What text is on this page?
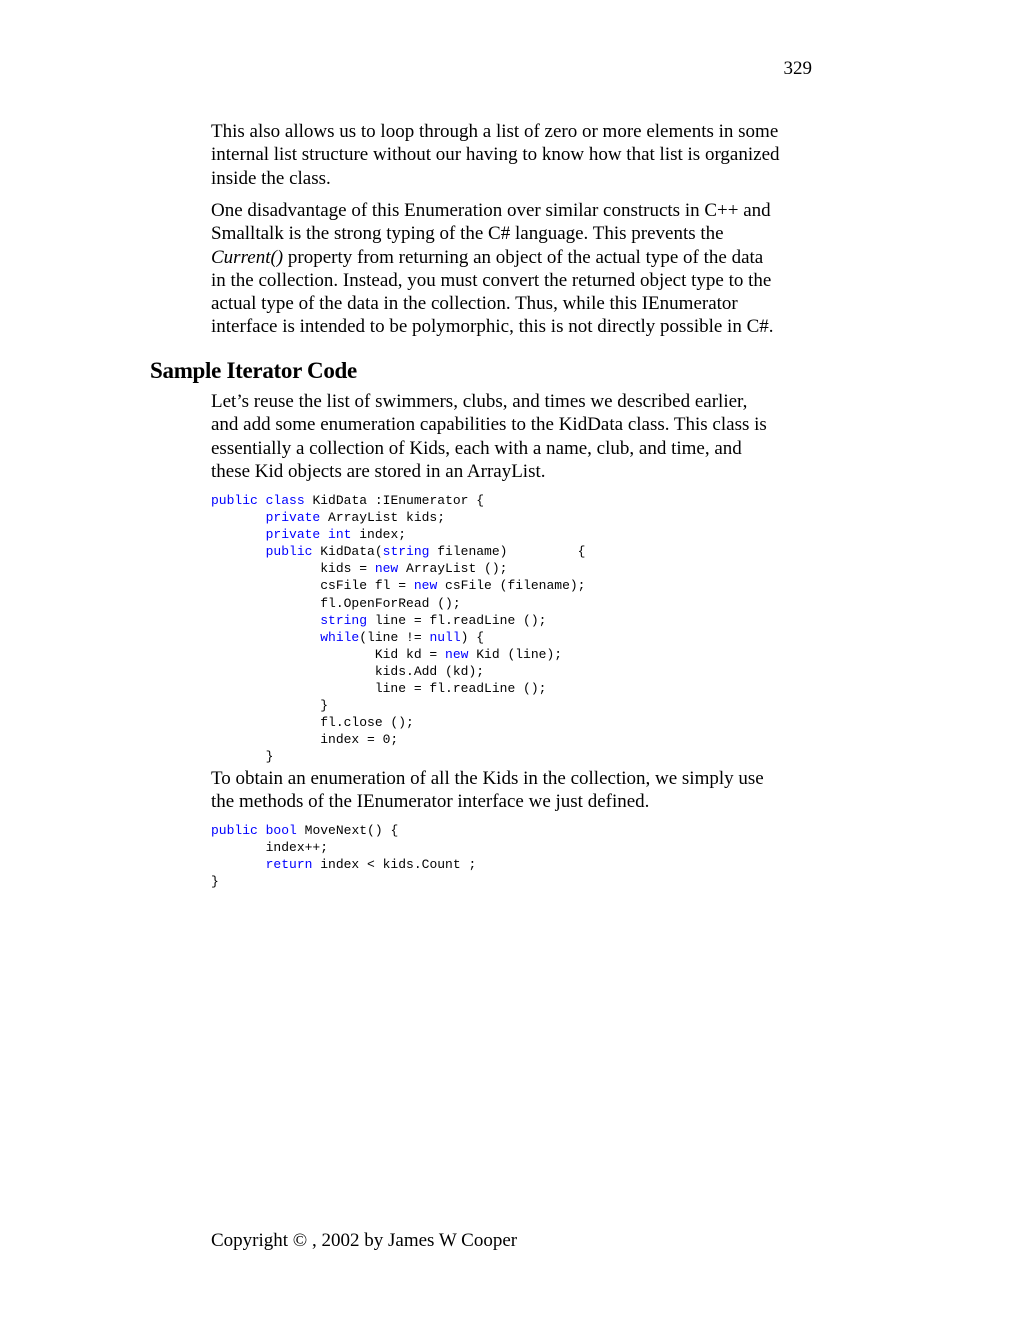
329

This also allows us to loop through a list of zero or more elements in some
internal list structure without our having to know how that list is organized
inside the class.

One disadvantage of this Enumeration over similar constructs in C++ and
Smalltalk is the strong typing of the C# language. This prevents the
Current() property from returning an object of the actual type of the data
in the collection. Instead, you must convert the returned object type to the
actual type of the data in the collection. Thus, while this IEnumerator
interface is intended to be polymorphic, this is not directly possible in C#.

Sample Iterator Code

Let’s reuse the list of swimmers, clubs, and times we described earlier,
and add some enumeration capabilities to the KidData class. This class is
essentially a collection of Kids, each with a name, club, and time, and
these Kid objects are stored in an ArrayList.

public class KidData :IEnumerator {
private ArrayList kids;
private int index;
public KidData(string filename)         {
kids = new ArrayList ();
csFile fl = new csFile (filename);
fl.OpenForRead ();
string line = fl.readLine ();
while(line != null) {
Kid kd = new Kid (line);
kids.Add (kd);
line = fl.readLine ();
}
fl.close ();
index = 0;
}

To obtain an enumeration of all the Kids in the collection, we simply use
the methods of the IEnumerator interface we just defined.

public bool MoveNext() {
index++;
return index < kids.Count ;
}
Copyright © , 2002 by James W Cooper
